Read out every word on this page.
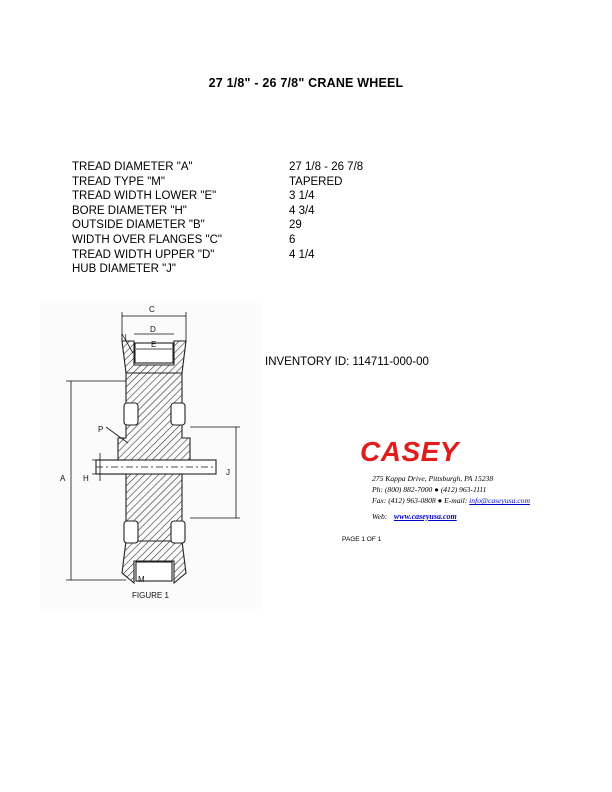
27 1/8" - 26 7/8" CRANE WHEEL
TREAD DIAMETER "A"	27 1/8 - 26 7/8
TREAD TYPE "M"	TAPERED
TREAD WIDTH LOWER "E"	3 1/4
BORE DIAMETER "H"	4 3/4
OUTSIDE DIAMETER "B"	29
WIDTH OVER FLANGES "C"	6
TREAD WIDTH UPPER "D"	4 1/4
HUB DIAMETER "J"
INVENTORY ID: 114711-000-00
C
D
N
E
P
A H
J
M
FIGURE 1
CASEY
275 Kappa Drive, Pittsburgh, PA 15238
Ph: (800) 882-7000 ● (412) 963-1111
Fax: (412) 963-0808 ● E-mail: info@caseyusa.com
Web: www.caseyusa.com
PAGE 1 OF 1
